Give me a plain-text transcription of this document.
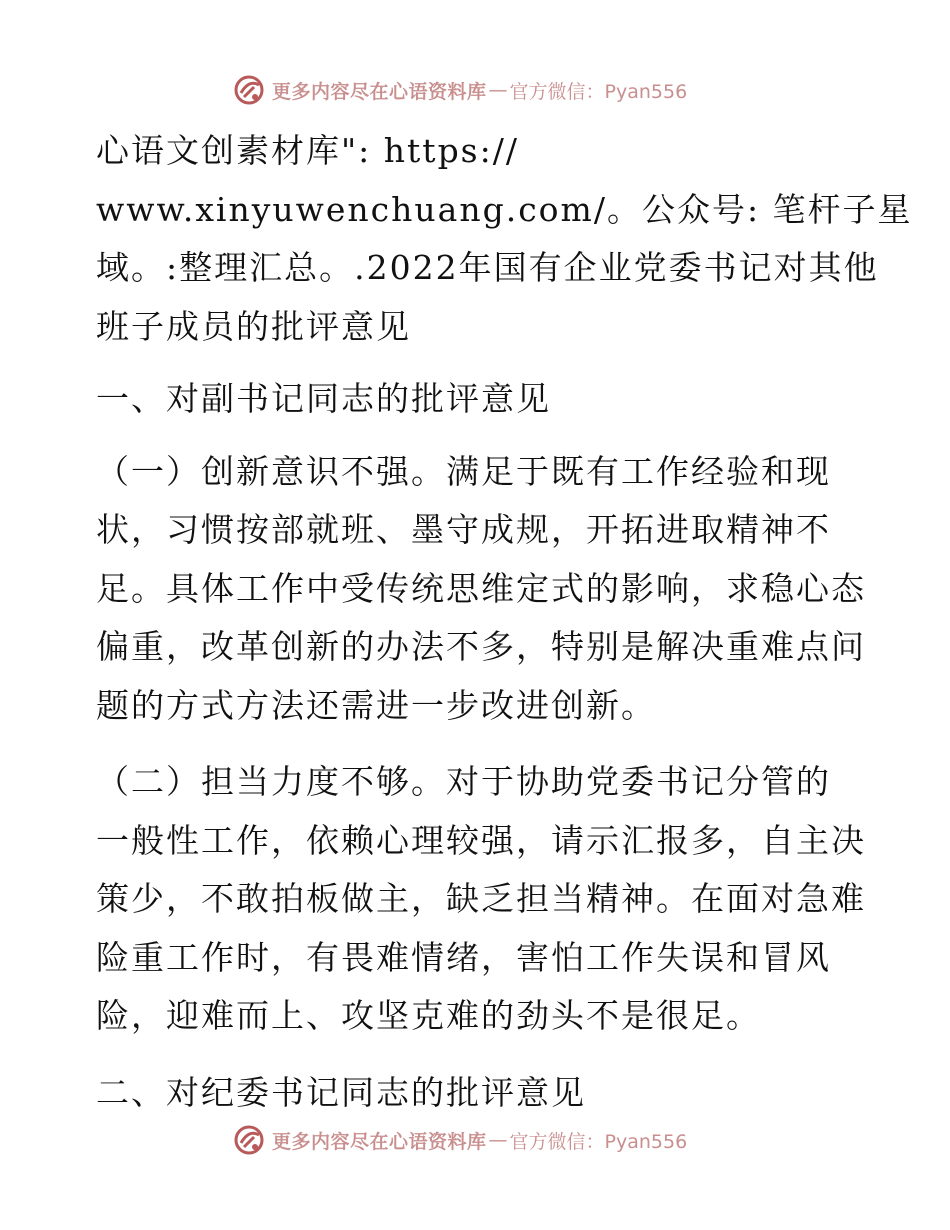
更多内容尽在心语资料库 — 官方微信：Pyan556
心语文创素材库": https://
www.xinyuwenchuang.com/。公众号: 笔杆子星
域。:整理汇总。.2022年国有企业党委书记对其他
班子成员的批评意见
一、对副书记同志的批评意见
（一）创新意识不强。满足于既有工作经验和现
状，习惯按部就班、墨守成规，开拓进取精神不
足。具体工作中受传统思维定式的影响，求稳心态
偏重，改革创新的办法不多，特别是解决重难点问
题的方式方法还需进一步改进创新。
（二）担当力度不够。对于协助党委书记分管的
一般性工作，依赖心理较强，请示汇报多，自主决
策少，不敢拍板做主，缺乏担当精神。在面对急难
险重工作时，有畏难情绪，害怕工作失误和冒风
险，迎难而上、攻坚克难的劲头不是很足。
二、对纪委书记同志的批评意见
更多内容尽在心语资料库 — 官方微信：Pyan556
